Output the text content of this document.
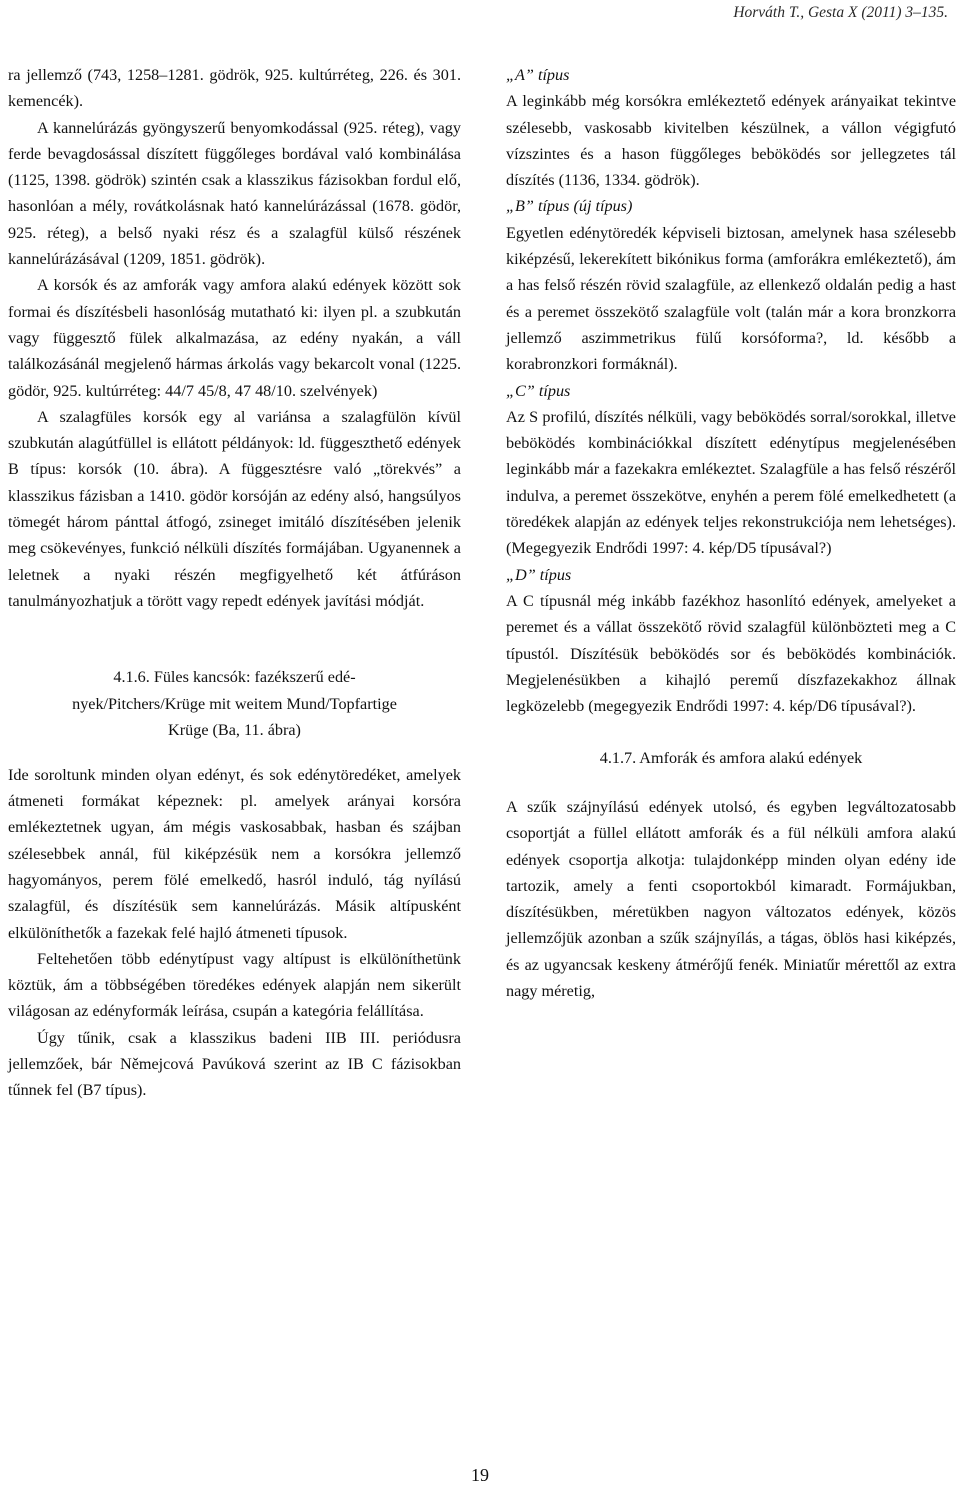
Horváth T., Gesta X (2011) 3–135.

ra jellemző (743, 1258–1281. gödrök, 925. kultúrréteg, 226. és 301. kemencék).

A kannelúrázás gyöngyszerű benyomkodással (925. réteg), vagy ferde bevagdosással díszített függőleges bordával való kombinálása (1125, 1398. gödrök) szintén csak a klasszikus fázisokban fordul elő, hasonlóan a mély, rovátkolásnak ható kannelúrázással (1678. gödör, 925. réteg), a belső nyaki rész és a szalagfül külső részének kannelúrázásával (1209, 1851. gödrök).

A korsók és az amforák vagy amfora alakú edények között sok formai és díszítésbeli hasonlóság mutatható ki: ilyen pl. a szubkután vagy függesztő fülek alkalmazása, az edény nyakán, a váll találkozásánál megjelenő hármas árkolás vagy bekarcolt vonal (1225. gödör, 925. kultúrréteg: 44/7 45/8, 47 48/10. szelvények)

A szalagfüles korsók egy al variánsa a szalagfülön kívül szubkután alagútfüllel is ellátott példányok: ld. függeszthető edények B típus: korsók (10. ábra). A függesztésre való „törekvés” a klasszikus fázisban a 1410. gödör korsóján az edény alsó, hangsúlyos tömegét három pánttal átfogó, zsineget imitáló díszítésében jelenik meg csökevényes, funkció nélküli díszítés formájában. Ugyanennek a leletnek a nyaki részén megfigyelhető két átfúráson tanulmányozhatjuk a törött vagy repedt edények javítási módját.

4.1.6. Füles kancsók: fazékszerű edé-
nyek/Pitchers/Krüge mit weitem Mund/Topfartige
Krüge (Ba, 11. ábra)

Ide soroltunk minden olyan edényt, és sok edénytöredéket, amelyek átmeneti formákat képeznek: pl. amelyek arányai korsóra emlékeztetnek ugyan, ám mégis vaskosabbak, hasban és szájban szélesebbek annál, fül kiképzésük nem a korsókra jellemző hagyományos, perem fölé emelkedő, hasról induló, tág nyílású szalagfül, és díszítésük sem kannelúrázás. Másik altípusként elkülöníthetők a fazekak felé hajló átmeneti típusok.

Feltehetően több edénytípust vagy altípust is elkülöníthetünk köztük, ám a többségében töredékes edények alapján nem sikerült világosan az edényformák leírása, csupán a kategória felállítása.

Úgy tűnik, csak a klasszikus badeni IIB III. periódusra jellemzőek, bár Němejcová Pavúková szerint az IB C fázisokban tűnnek fel (B7 típus).

„A” típus

A leginkább még korsókra emlékeztető edények arányaikat tekintve szélesebb, vaskosabb kivitelben készülnek, a vállon végigfutó vízszintes és a hason függőleges beböködés sor jellegzetes tál díszítés (1136, 1334. gödrök).

„B” típus (új típus)

Egyetlen edénytöredék képviseli biztosan, amelynek hasa szélesebb kiképzésű, lekerekített bikónikus forma (amforákra emlékeztető), ám a has felső részén rövid szalagfüle, az ellenkező oldalán pedig a hast és a peremet összekötő szalagfüle volt (talán már a kora bronzkorra jellemző aszimmetrikus fülű korsóforma?, ld. később a korabronzkori formáknál).

„C” típus

Az S profilú, díszítés nélküli, vagy beböködés sorral/sorokkal, illetve beböködés kombinációkkal díszített edénytípus megjelenésében leginkább már a fazekakra emlékeztet. Szalagfüle a has felső részéről indulva, a peremet összekötve, enyhén a perem fölé emelkedhetett (a töredékek alapján az edények teljes rekonstrukciója nem lehetséges). (Megegyezik Endrődi 1997: 4. kép/D5 típusával?)

„D” típus

A C típusnál még inkább fazékhoz hasonlító edények, amelyeket a peremet és a vállat összekötő rövid szalagfül különbözteti meg a C típustól. Díszítésük beböködés sor és beböködés kombinációk. Megjelenésükben a kihajló peremű díszfazekakhoz állnak legközelebb (megegyezik Endrődi 1997: 4. kép/D6 típusával?).

4.1.7. Amforák és amfora alakú edények

A szűk szájnyílású edények utolsó, és egyben legváltozatosabb csoportját a füllel ellátott amforák és a fül nélküli amfora alakú edények csoportja alkotja: tulajdonképp minden olyan edény ide tartozik, amely a fenti csoportokból kimaradt. Formájukban, díszítésükben, méretükben nagyon változatos edények, közös jellemzőjük azonban a szűk szájnyílás, a tágas, öblös hasi kiképzés, és az ugyancsak keskeny átmérőjű fenék. Miniatűr mérettől az extra nagy méretig,

19
